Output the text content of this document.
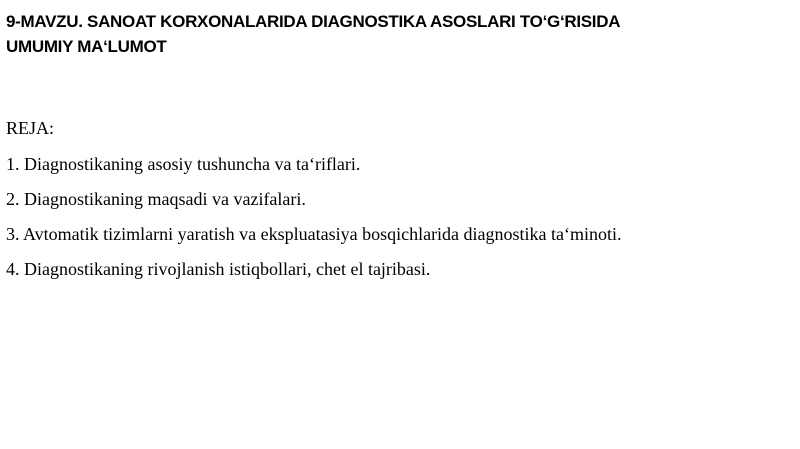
9-MAVZU. SANOAT KORXONALARIDA DIAGNOSTIKA ASOSLARI TO‘G‘RISIDA
UMUMIY MA‘LUMOT
REJA:
1. Diagnostikaning asosiy tushuncha va ta‘riflari.
2. Diagnostikaning maqsadi va vazifalari.
3. Avtomatik tizimlarni yaratish va ekspluatasiya bosqichlarida diagnostika ta‘minoti.
4. Diagnostikaning rivojlanish istiqbollari, chet el tajribasi.
